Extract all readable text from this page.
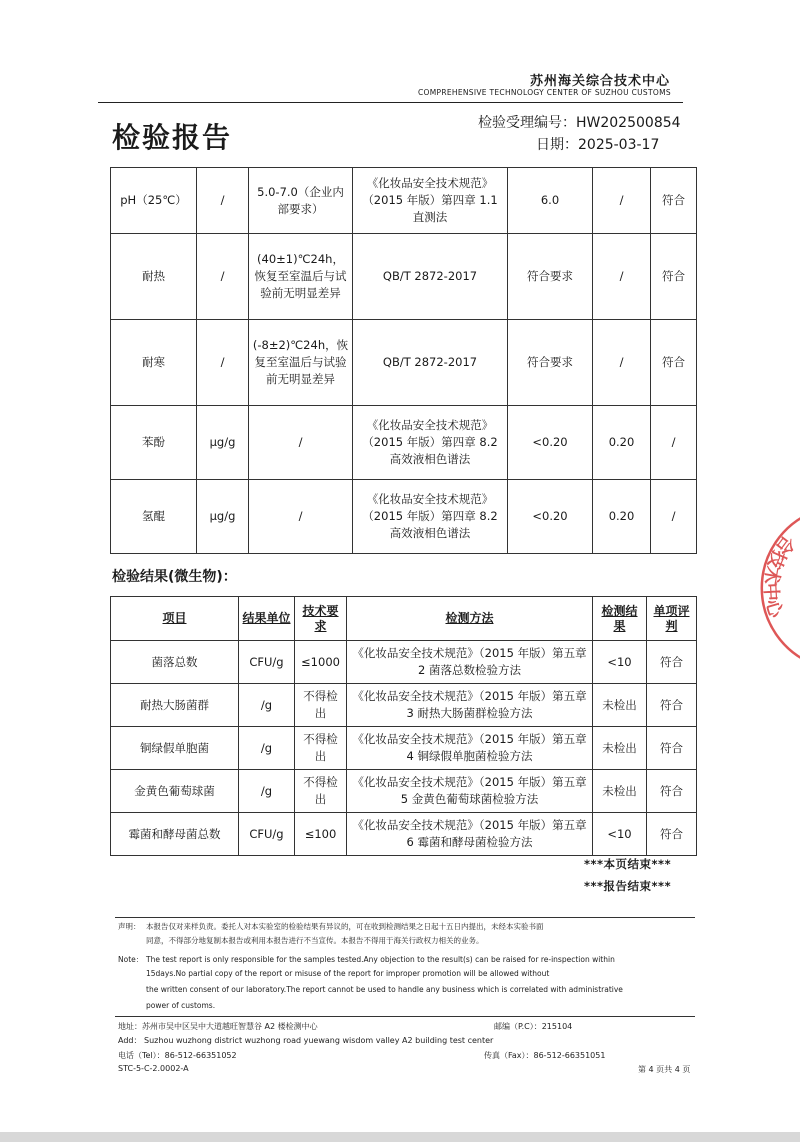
苏州海关综合技术中心
COMPREHENSIVE TECHNOLOGY CENTER OF SUZHOU CUSTOMS
检验报告	检验受理编号：HW202500854
日期：2025-03-17
pH（25℃）	/	5.0-7.0（企业内部要求）	《化妆品安全技术规范》（2015 年版）第四章 1.1 直测法	6.0	/	符合
耐热	/	(40±1)℃24h，恢复至室温后与试验前无明显差异	QB/T 2872-2017	符合要求	/	符合
耐寒	/	(-8±2)℃24h，恢复至室温后与试验前无明显差异	QB/T 2872-2017	符合要求	/	符合
苯酚	μg/g	/	《化妆品安全技术规范》（2015 年版）第四章 8.2 高效液相色谱法	<0.20	0.20	/
氢醌	μg/g	/	《化妆品安全技术规范》（2015 年版）第四章 8.2 高效液相色谱法	<0.20	0.20	/
检验结果(微生物)：
项目	结果单位	技术要求	检测方法	检测结果	单项评判
菌落总数	CFU/g	≤1000	《化妆品安全技术规范》（2015 年版）第五章 2 菌落总数检验方法	<10	符合
耐热大肠菌群	/g	不得检出	《化妆品安全技术规范》（2015 年版）第五章 3 耐热大肠菌群检验方法	未检出	符合
铜绿假单胞菌	/g	不得检出	《化妆品安全技术规范》（2015 年版）第五章 4 铜绿假单胞菌检验方法	未检出	符合
金黄色葡萄球菌	/g	不得检出	《化妆品安全技术规范》（2015 年版）第五章 5 金黄色葡萄球菌检验方法	未检出	符合
霉菌和酵母菌总数	CFU/g	≤100	《化妆品安全技术规范》（2015 年版）第五章 6 霉菌和酵母菌检验方法	<10	符合
***本页结束***
***报告结束***
合技术中心
声明： 本报告仅对来样负责。委托人对本实验室的检验结果有异议的，可在收到检测结果之日起十五日内提出，未经本实验书面
同意，不得部分地复制本报告或利用本报告进行不当宣传。本报告不得用于海关行政权力相关的业务。
Note： The test report is only responsible for the samples tested.Any objection to the result(s) can be raised for re-inspection within
15days.No partial copy of the report or misuse of the report for improper promotion will be allowed without
the written consent of our laboratory.The report cannot be used to handle any business which is correlated with administrative
power of customs.
地址：苏州市吴中区吴中大道越旺智慧谷 A2 楼检测中心	邮编（P.C）：215104
Add： Suzhou wuzhong district wuzhong road yuewang wisdom valley A2 building test center
电话（Tel）：86-512-66351052	传真（Fax）：86-512-66351051
STC-5-C-2.0002-A	第 4 页共 4 页
